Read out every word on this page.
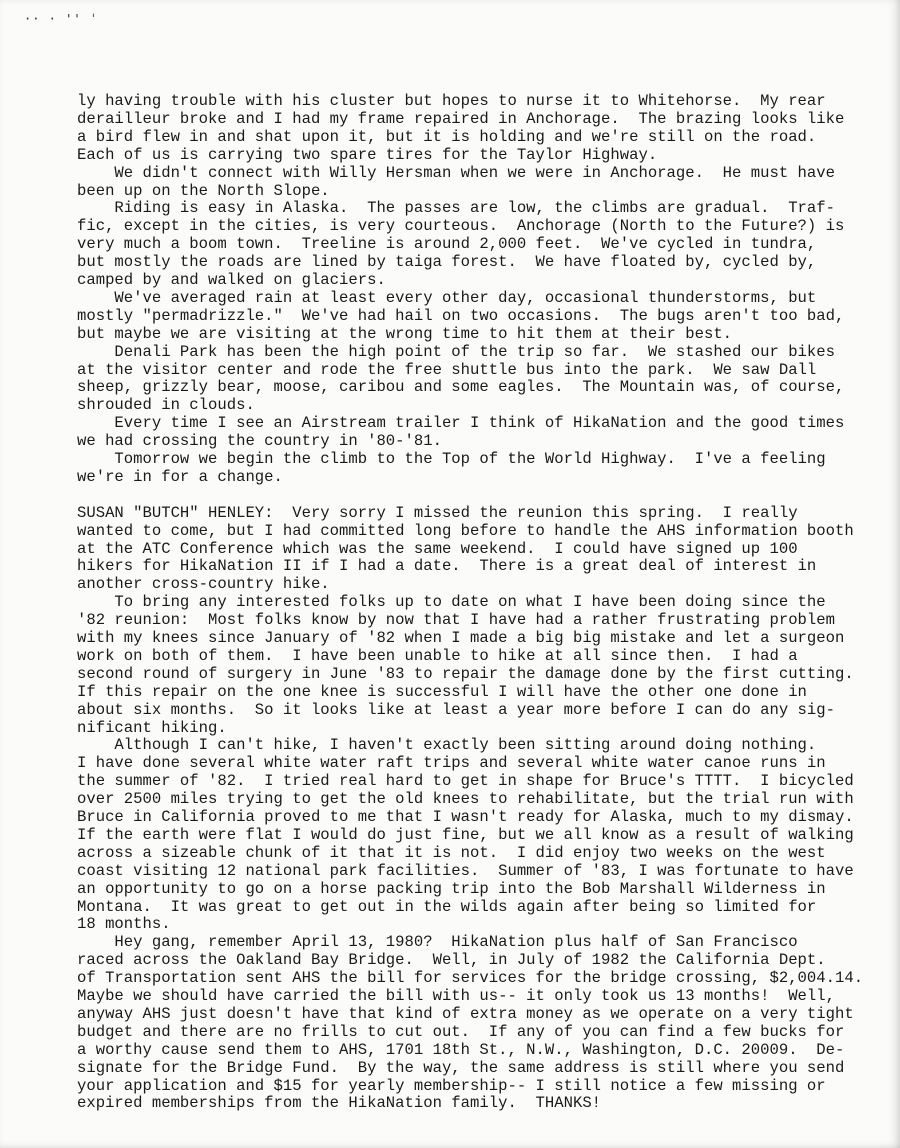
·· · '' ˈ
ly having trouble with his cluster but hopes to nurse it to Whitehorse.  My rear
derailleur broke and I had my frame repaired in Anchorage.  The brazing looks like
a bird flew in and shat upon it, but it is holding and we're still on the road.
Each of us is carrying two spare tires for the Taylor Highway.
We didn't connect with Willy Hersman when we were in Anchorage.  He must have
been up on the North Slope.
Riding is easy in Alaska.  The passes are low, the climbs are gradual.  Traf-
fic, except in the cities, is very courteous.  Anchorage (North to the Future?) is
very much a boom town.  Treeline is around 2,000 feet.  We've cycled in tundra,
but mostly the roads are lined by taiga forest.  We have floated by, cycled by,
camped by and walked on glaciers.
We've averaged rain at least every other day, occasional thunderstorms, but
mostly "permadrizzle."  We've had hail on two occasions.  The bugs aren't too bad,
but maybe we are visiting at the wrong time to hit them at their best.
Denali Park has been the high point of the trip so far.  We stashed our bikes
at the visitor center and rode the free shuttle bus into the park.  We saw Dall
sheep, grizzly bear, moose, caribou and some eagles.  The Mountain was, of course,
shrouded in clouds.
Every time I see an Airstream trailer I think of HikaNation and the good times
we had crossing the country in '80-'81.
Tomorrow we begin the climb to the Top of the World Highway.  I've a feeling
we're in for a change.
SUSAN "BUTCH" HENLEY:  Very sorry I missed the reunion this spring.  I really
wanted to come, but I had committed long before to handle the AHS information booth
at the ATC Conference which was the same weekend.  I could have signed up 100
hikers for HikaNation II if I had a date.  There is a great deal of interest in
another cross-country hike.
To bring any interested folks up to date on what I have been doing since the
'82 reunion:  Most folks know by now that I have had a rather frustrating problem
with my knees since January of '82 when I made a big big mistake and let a surgeon
work on both of them.  I have been unable to hike at all since then.  I had a
second round of surgery in June '83 to repair the damage done by the first cutting.
If this repair on the one knee is successful I will have the other one done in
about six months.  So it looks like at least a year more before I can do any sig-
nificant hiking.
Although I can't hike, I haven't exactly been sitting around doing nothing.
I have done several white water raft trips and several white water canoe runs in
the summer of '82.  I tried real hard to get in shape for Bruce's TTTT.  I bicycled
over 2500 miles trying to get the old knees to rehabilitate, but the trial run with
Bruce in California proved to me that I wasn't ready for Alaska, much to my dismay.
If the earth were flat I would do just fine, but we all know as a result of walking
across a sizeable chunk of it that it is not.  I did enjoy two weeks on the west
coast visiting 12 national park facilities.  Summer of '83, I was fortunate to have
an opportunity to go on a horse packing trip into the Bob Marshall Wilderness in
Montana.  It was great to get out in the wilds again after being so limited for
18 months.
Hey gang, remember April 13, 1980?  HikaNation plus half of San Francisco
raced across the Oakland Bay Bridge.  Well, in July of 1982 the California Dept.
of Transportation sent AHS the bill for services for the bridge crossing, $2,004.14.
Maybe we should have carried the bill with us-- it only took us 13 months!  Well,
anyway AHS just doesn't have that kind of extra money as we operate on a very tight
budget and there are no frills to cut out.  If any of you can find a few bucks for
a worthy cause send them to AHS, 1701 18th St., N.W., Washington, D.C. 20009.  De-
signate for the Bridge Fund.  By the way, the same address is still where you send
your application and $15 for yearly membership-- I still notice a few missing or
expired memberships from the HikaNation family.  THANKS!
